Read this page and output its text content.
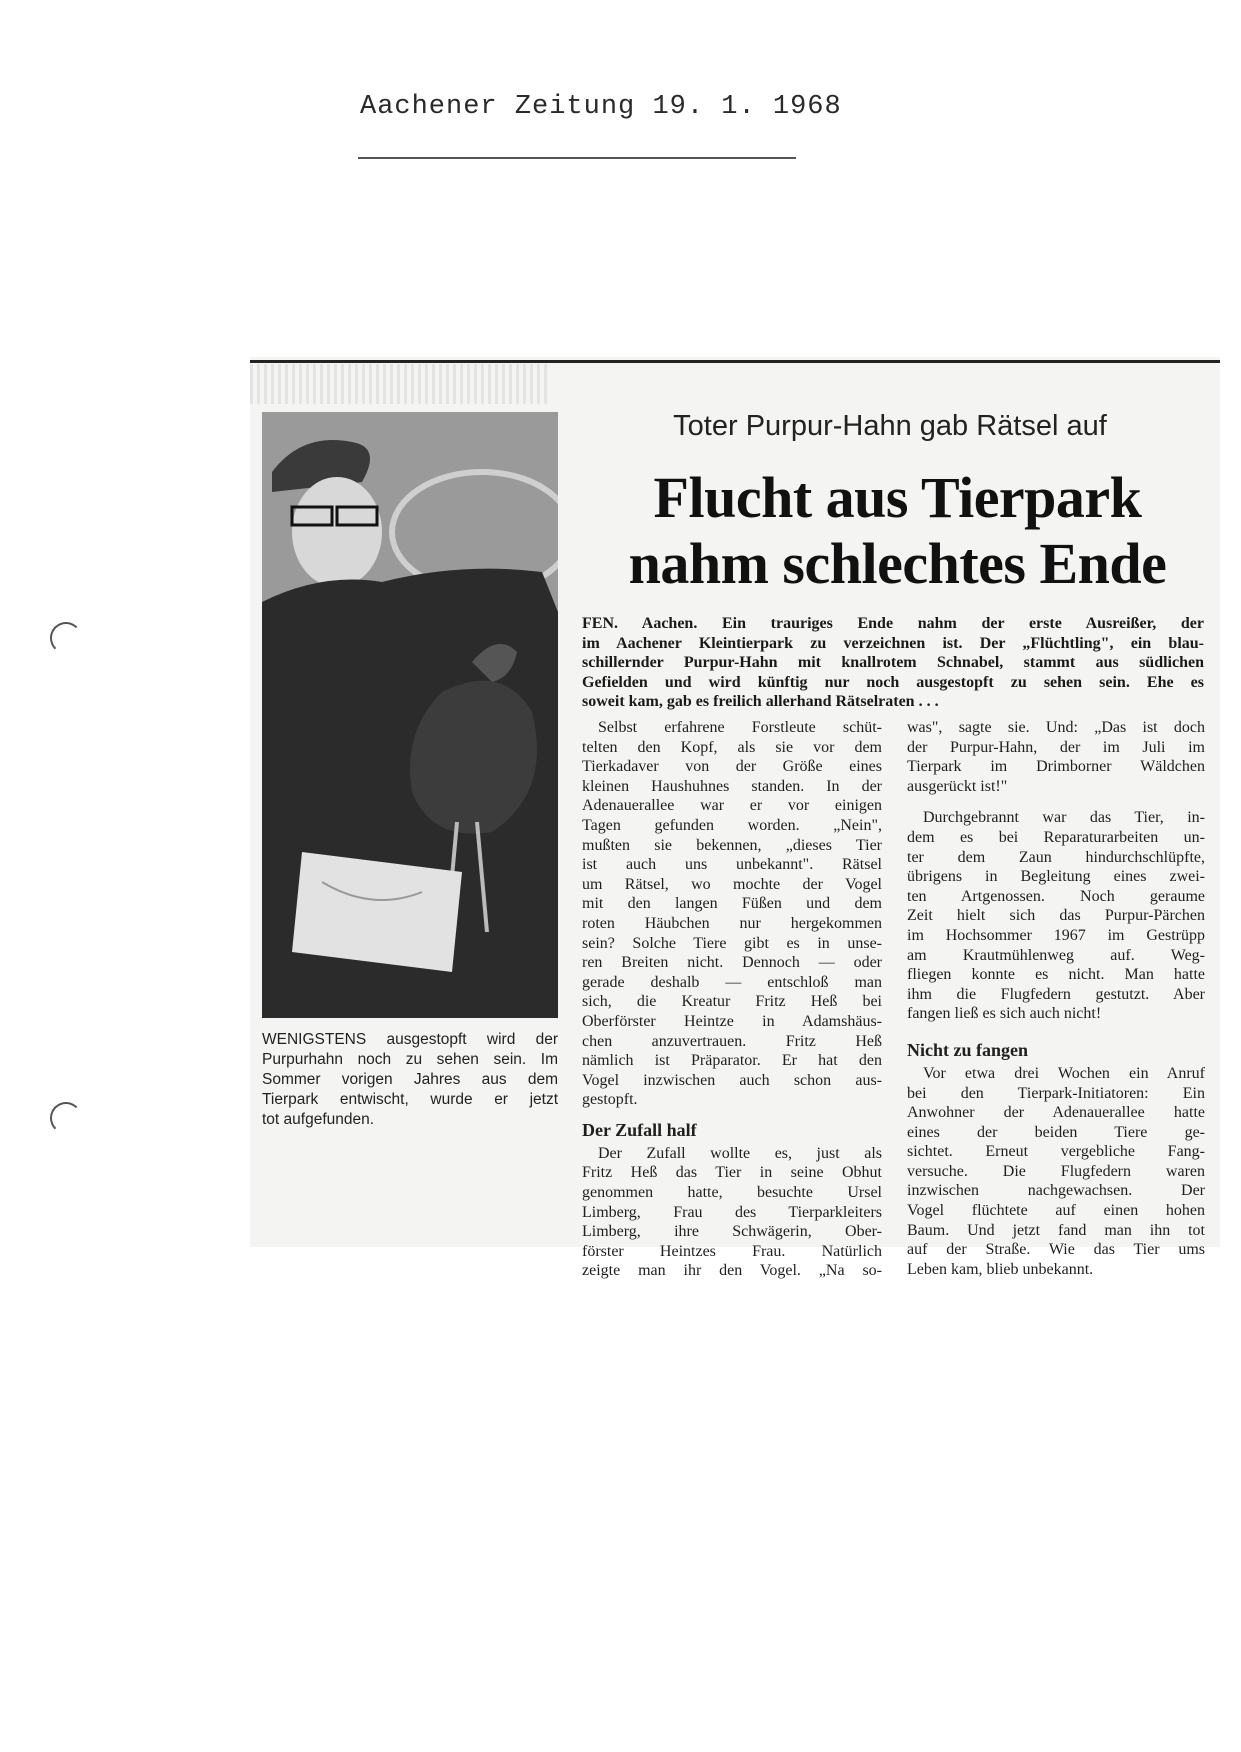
Aachener Zeitung 19. 1. 1968
WENIGSTENS ausgestopft wird der
Purpurhahn noch zu sehen sein. Im
Sommer vorigen Jahres aus dem
Tierpark entwischt, wurde er jetzt
tot aufgefunden.
Toter Purpur-Hahn gab Rätsel auf
Flucht aus Tierpark
nahm schlechtes Ende
FEN. Aachen. Ein trauriges Ende nahm der erste Ausreißer, der
im Aachener Kleintierpark zu verzeichnen ist. Der „Flüchtling", ein blau-
schillernder Purpur-Hahn mit knallrotem Schnabel, stammt aus südlichen
Gefielden und wird künftig nur noch ausgestopft zu sehen sein. Ehe es
soweit kam, gab es freilich allerhand Rätselraten . . .

Selbst erfahrene Forstleute schüt-
telten den Kopf, als sie vor dem
Tierkadaver von der Größe eines
kleinen Haushuhnes standen. In der
Adenauerallee war er vor einigen
Tagen gefunden worden. „Nein",
mußten sie bekennen, „dieses Tier
ist auch uns unbekannt". Rätsel
um Rätsel, wo mochte der Vogel
mit den langen Füßen und dem
roten Häubchen nur hergekommen
sein? Solche Tiere gibt es in unse-
ren Breiten nicht. Dennoch — oder
gerade deshalb — entschloß man
sich, die Kreatur Fritz Heß bei
Oberförster Heintze in Adamshäus-
chen anzuvertrauen. Fritz Heß
nämlich ist Präparator. Er hat den
Vogel inzwischen auch schon aus-
gestopft.

Der Zufall half

Der Zufall wollte es, just als
Fritz Heß das Tier in seine Obhut
genommen hatte, besuchte Ursel
Limberg, Frau des Tierparkleiters
Limberg, ihre Schwägerin, Ober-
förster Heintzes Frau. Natürlich
zeigte man ihr den Vogel. „Na so-

was", sagte sie. Und: „Das ist doch
der Purpur-Hahn, der im Juli im
Tierpark im Drimborner Wäldchen
ausgerückt ist!"

Durchgebrannt war das Tier, in-
dem es bei Reparaturarbeiten un-
ter dem Zaun hindurchschlüpfte,
übrigens in Begleitung eines zwei-
ten Artgenossen. Noch geraume
Zeit hielt sich das Purpur-Pärchen
im Hochsommer 1967 im Gestrüpp
am Krautmühlenweg auf. Weg-
fliegen konnte es nicht. Man hatte
ihm die Flugfedern gestutzt. Aber
fangen ließ es sich auch nicht!

Nicht zu fangen

Vor etwa drei Wochen ein Anruf
bei den Tierpark-Initiatoren: Ein
Anwohner der Adenauerallee hatte
eines der beiden Tiere ge-
sichtet. Erneut vergebliche Fang-
versuche. Die Flugfedern waren
inzwischen nachgewachsen. Der
Vogel flüchtete auf einen hohen
Baum. Und jetzt fand man ihn tot
auf der Straße. Wie das Tier ums
Leben kam, blieb unbekannt.
